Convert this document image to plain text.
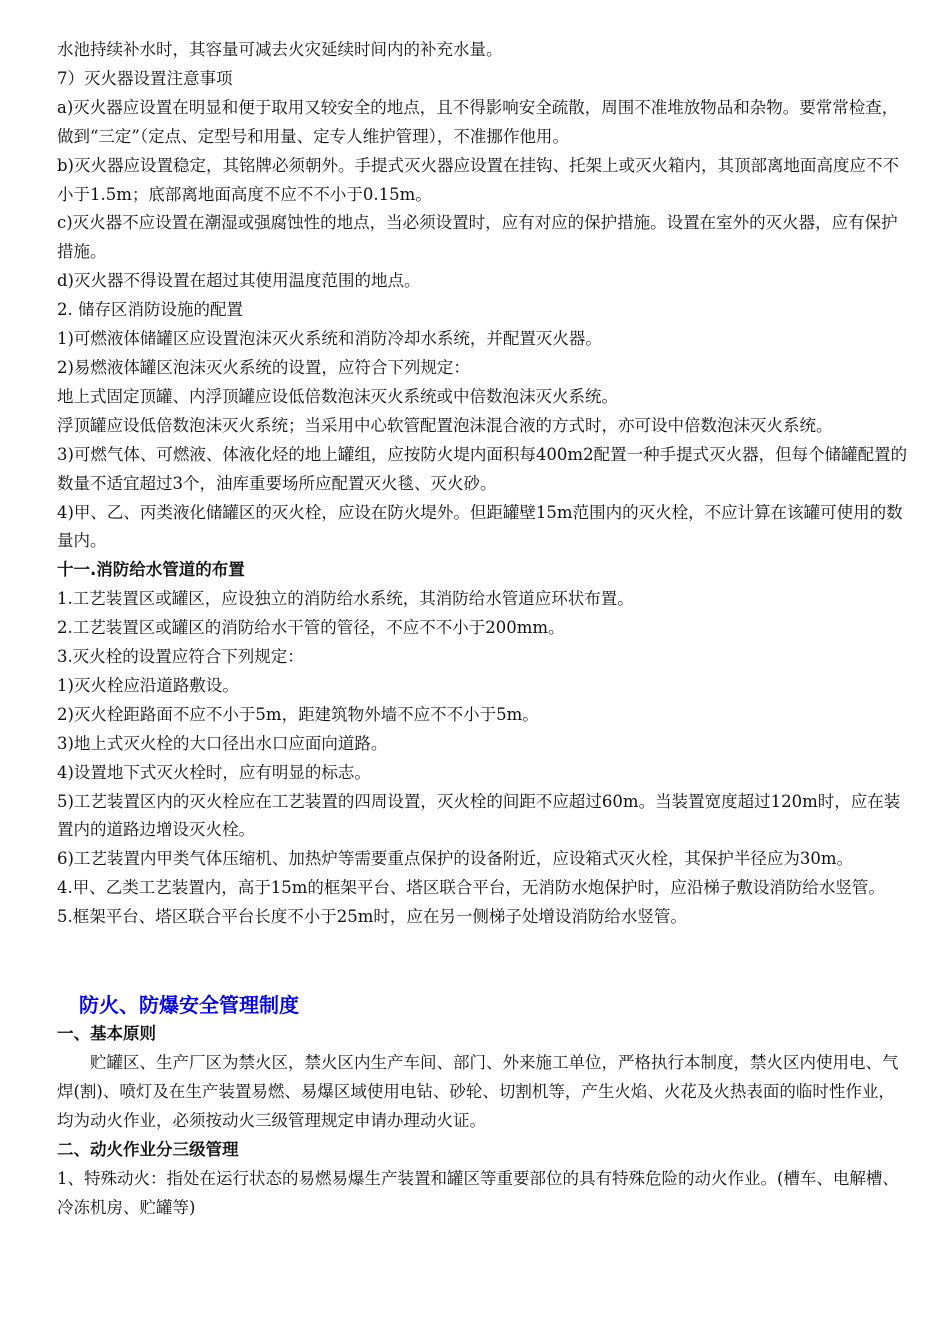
水池持续补水时，其容量可减去火灾延续时间内的补充水量。

7）灭火器设置注意事项

a)灭火器应设置在明显和便于取用又较安全的地点，且不得影响安全疏散，周围不准堆放物品和杂物。要常常检查，做到“三定”（定点、定型号和用量、定专人维护管理），不准挪作他用。

b)灭火器应设置稳定，其铭牌必须朝外。手提式灭火器应设置在挂钩、托架上或灭火箱内，其顶部离地面高度应不不小于1.5m；底部离地面高度不应不不小于0.15m。

c)灭火器不应设置在潮湿或强腐蚀性的地点，当必须设置时，应有对应的保护措施。设置在室外的灭火器，应有保护措施。

d)灭火器不得设置在超过其使用温度范围的地点。

2. 储存区消防设施的配置

1)可燃液体储罐区应设置泡沫灭火系统和消防冷却水系统，并配置灭火器。

2)易燃液体罐区泡沫灭火系统的设置，应符合下列规定：

地上式固定顶罐、内浮顶罐应设低倍数泡沫灭火系统或中倍数泡沫灭火系统。

浮顶罐应设低倍数泡沫灭火系统；当采用中心软管配置泡沫混合液的方式时，亦可设中倍数泡沫灭火系统。

3)可燃气体、可燃液、体液化烃的地上罐组，应按防火堤内面积每400m2配置一种手提式灭火器，但每个储罐配置的数量不适宜超过3个，油库重要场所应配置灭火毯、灭火砂。

4)甲、乙、丙类液化储罐区的灭火栓，应设在防火堤外。但距罐壁15m范围内的灭火栓，不应计算在该罐可使用的数量内。

十一.消防给水管道的布置

1.工艺装置区或罐区，应设独立的消防给水系统，其消防给水管道应环状布置。

2.工艺装置区或罐区的消防给水干管的管径，不应不不小于200mm。

3.灭火栓的设置应符合下列规定：

1)灭火栓应沿道路敷设。

2)灭火栓距路面不应不小于5m，距建筑物外墙不应不不小于5m。

3)地上式灭火栓的大口径出水口应面向道路。

4)设置地下式灭火栓时，应有明显的标志。

5)工艺装置区内的灭火栓应在工艺装置的四周设置，灭火栓的间距不应超过60m。当装置宽度超过120m时，应在装置内的道路边增设灭火栓。

6)工艺装置内甲类气体压缩机、加热炉等需要重点保护的设备附近，应设箱式灭火栓，其保护半径应为30m。

4.甲、乙类工艺装置内，高于15m的框架平台、塔区联合平台，无消防水炮保护时，应沿梯子敷设消防给水竖管。

5.框架平台、塔区联合平台长度不小于25m时，应在另一侧梯子处增设消防给水竖管。

防火、防爆安全管理制度

一、基本原则

贮罐区、生产厂区为禁火区，禁火区内生产车间、部门、外来施工单位，严格执行本制度，禁火区内使用电、气焊(割)、喷灯及在生产装置易燃、易爆区域使用电钻、砂轮、切割机等，产生火焰、火花及火热表面的临时性作业，均为动火作业，必须按动火三级管理规定申请办理动火证。

二、动火作业分三级管理

1、特殊动火：指处在运行状态的易燃易爆生产装置和罐区等重要部位的具有特殊危险的动火作业。(槽车、电解槽、冷冻机房、贮罐等)
